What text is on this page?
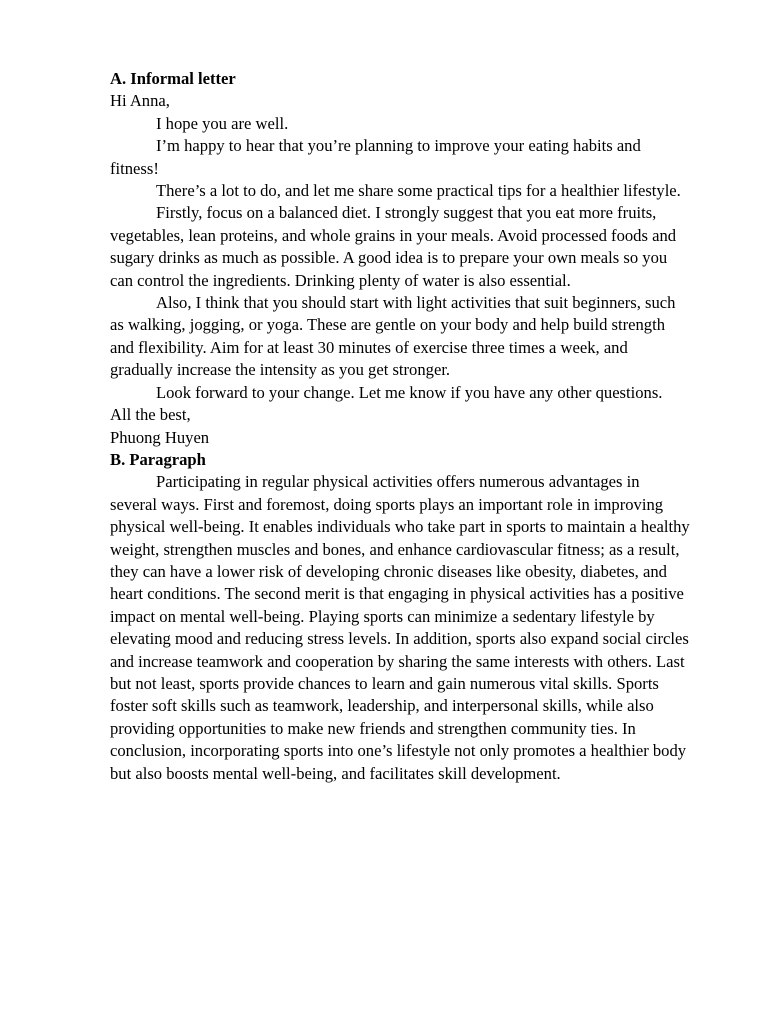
A. Informal letter

Hi Anna,

I hope you are well.

I’m happy to hear that you’re planning to improve your eating habits and fitness!

There’s a lot to do, and let me share some practical tips for a healthier lifestyle.

Firstly, focus on a balanced diet. I strongly suggest that you eat more fruits, vegetables, lean proteins, and whole grains in your meals. Avoid processed foods and sugary drinks as much as possible. A good idea is to prepare your own meals so you can control the ingredients. Drinking plenty of water is also essential.

Also, I think that you should start with light activities that suit beginners, such as walking, jogging, or yoga. These are gentle on your body and help build strength and flexibility. Aim for at least 30 minutes of exercise three times a week, and gradually increase the intensity as you get stronger.

Look forward to your change. Let me know if you have any other questions.

All the best,

Phuong Huyen

B. Paragraph

Participating in regular physical activities offers numerous advantages in several ways. First and foremost, doing sports plays an important role in improving physical well-being. It enables individuals who take part in sports to maintain a healthy weight, strengthen muscles and bones, and enhance cardiovascular fitness; as a result, they can have a lower risk of developing chronic diseases like obesity, diabetes, and heart conditions. The second merit is that engaging in physical activities has a positive impact on mental well-being. Playing sports can minimize a sedentary lifestyle by elevating mood and reducing stress levels. In addition, sports also expand social circles and increase teamwork and cooperation by sharing the same interests with others. Last but not least, sports provide chances to learn and gain numerous vital skills. Sports foster soft skills such as teamwork, leadership, and interpersonal skills, while also providing opportunities to make new friends and strengthen community ties. In conclusion, incorporating sports into one’s lifestyle not only promotes a healthier body but also boosts mental well-being, and facilitates skill development.
